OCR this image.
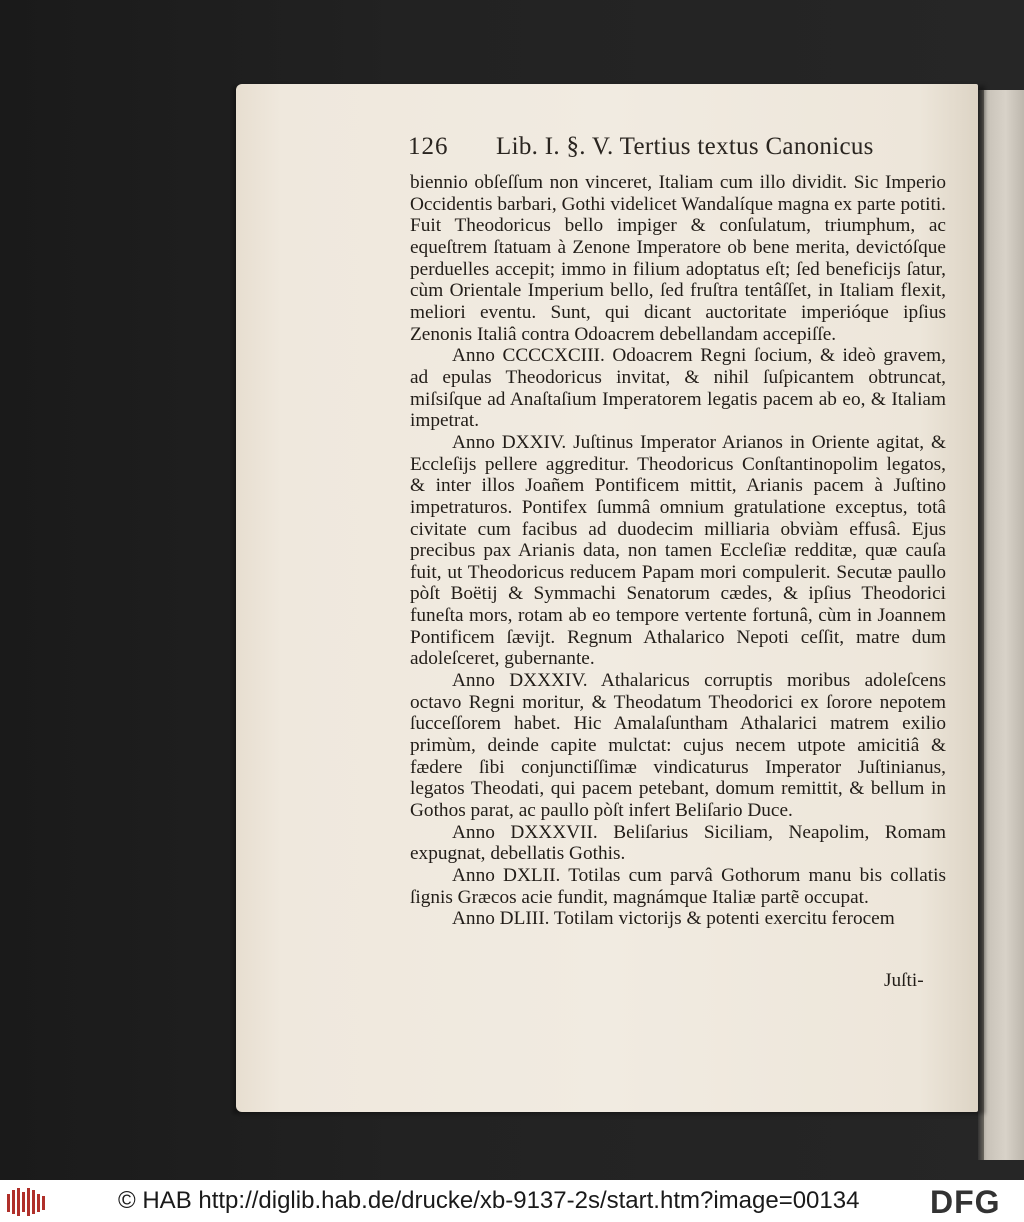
126 Lib. I. §. V. Tertius textus Canonicus

biennio obſeſſum non vinceret, Italiam cum illo dividit. Sic Imperio Occidentis barbari, Gothi videlicet Wandalíque magna ex parte potiti. Fuit Theodoricus bello impiger & conſulatum, triumphum, ac equeſtrem ſtatuam à Zenone Imperatore ob bene merita, devictóſque perduelles accepit; immo in filium adoptatus eſt; ſed beneficijs ſatur, cùm Orientale Imperium bello, ſed fruſtra tentâſſet, in Italiam flexit, meliori eventu. Sunt, qui dicant auctoritate imperióque ipſius Zenonis Italiâ contra Odoacrem debellandam accepiſſe.

Anno CCCCXCIII. Odoacrem Regni ſocium, & ideò gravem, ad epulas Theodoricus invitat, & nihil ſuſpicantem obtruncat, miſsiſque ad Anaſtaſium Imperatorem legatis pacem ab eo, & Italiam impetrat.

Anno DXXIV. Juſtinus Imperator Arianos in Oriente agitat, & Eccleſijs pellere aggreditur. Theodoricus Conſtantinopolim legatos, & inter illos Joañem Pontificem mittit, Arianis pacem à Juſtino impetraturos. Pontifex ſummâ omnium gratulatione exceptus, totâ civitate cum facibus ad duodecim milliaria obviàm effusâ. Ejus precibus pax Arianis data, non tamen Eccleſiæ redditæ, quæ cauſa fuit, ut Theodoricus reducem Papam mori compulerit. Secutæ paullo pòſt Boëtij & Symmachi Senatorum cædes, & ipſius Theodorici funeſta mors, rotam ab eo tempore vertente fortunâ, cùm in Joannem Pontificem ſævijt. Regnum Athalarico Nepoti ceſſit, matre dum adoleſceret, gubernante.

Anno DXXXIV. Athalaricus corruptis moribus adoleſcens octavo Regni moritur, & Theodatum Theodorici ex ſorore nepotem ſucceſſorem habet. Hic Amalaſuntham Athalarici matrem exilio primùm, deinde capite mulctat: cujus necem utpote amicitiâ & fædere ſibi conjunctiſſimæ vindicaturus Imperator Juſtinianus, legatos Theodati, qui pacem petebant, domum remittit, & bellum in Gothos parat, ac paullo pòſt infert Beliſario Duce.

Anno DXXXVII. Beliſarius Siciliam, Neapolim, Romam expugnat, debellatis Gothis.

Anno DXLII. Totilas cum parvâ Gothorum manu bis collatis ſignis Græcos acie fundit, magnámque Italiæ partẽ occupat.

Anno DLIII. Totilam victorijs & potenti exercitu ferocem

Juſti-
© HAB http://diglib.hab.de/drucke/xb-9137-2s/start.htm?image=00134 DFG
